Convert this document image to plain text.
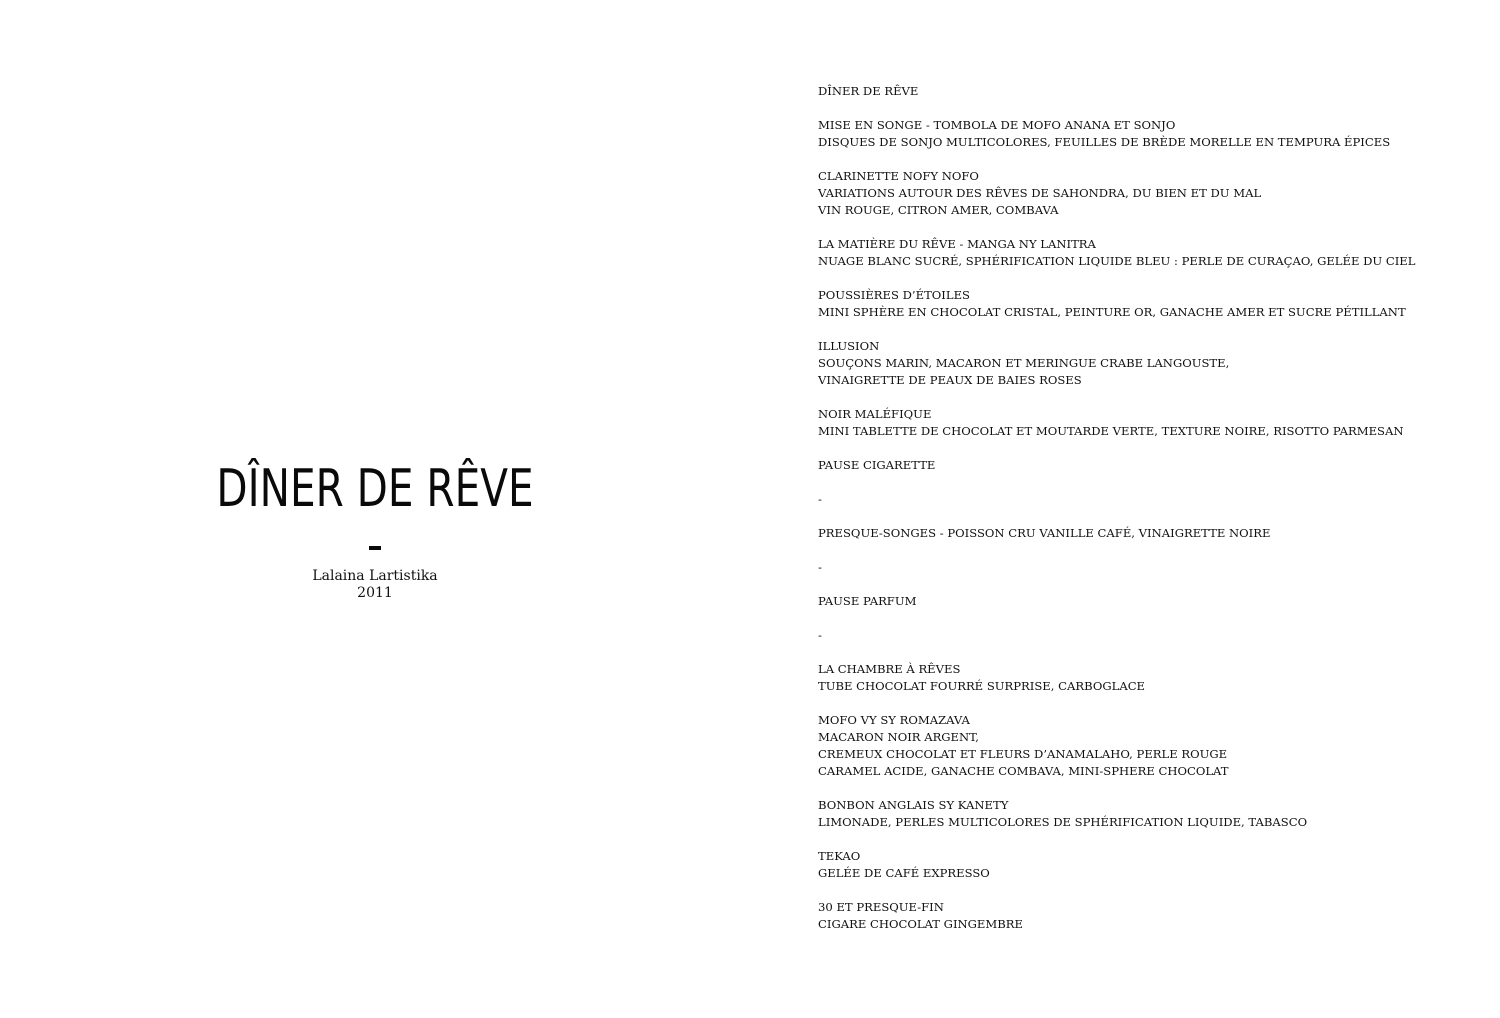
DÎNER DE RÊVE
Lalaina Lartistika
2011
DÎNER DE RÊVE
MISE EN SONGE - TOMBOLA DE MOFO ANANA ET SONJO
DISQUES DE SONJO MULTICOLORES, FEUILLES DE BRÈDE MORELLE EN TEMPURA ÉPICES
CLARINETTE NOFY NOFO
VARIATIONS AUTOUR DES RÊVES DE SAHONDRA, DU BIEN ET DU MAL
VIN ROUGE, CITRON AMER, COMBAVA
LA MATIÈRE DU RÊVE - MANGA NY LANITRA
NUAGE BLANC SUCRÉ, SPHÉRIFICATION LIQUIDE BLEU : PERLE DE CURAÇAO, GELÉE DU CIEL
POUSSIÈRES D’ÉTOILES
MINI SPHÈRE EN CHOCOLAT CRISTAL, PEINTURE OR, GANACHE AMER ET SUCRE PÉTILLANT
ILLUSION
SOUÇONS MARIN, MACARON ET MERINGUE CRABE LANGOUSTE,
VINAIGRETTE DE PEAUX DE BAIES ROSES
NOIR MALÉFIQUE
MINI TABLETTE DE CHOCOLAT ET MOUTARDE VERTE, TEXTURE NOIRE, RISOTTO PARMESAN
PAUSE CIGARETTE
-
PRESQUE-SONGES - POISSON CRU VANILLE CAFÉ, VINAIGRETTE NOIRE
-
PAUSE PARFUM
-
LA CHAMBRE À RÊVES
TUBE CHOCOLAT FOURRÉ SURPRISE, CARBOGLACE
MOFO VY SY ROMAZAVA
MACARON NOIR ARGENT,
CREMEUX CHOCOLAT ET FLEURS D’ANAMALAHO, PERLE ROUGE
CARAMEL ACIDE, GANACHE COMBAVA, MINI-SPHERE CHOCOLAT
BONBON ANGLAIS SY KANETY
LIMONADE, PERLES MULTICOLORES DE SPHÉRIFICATION LIQUIDE, TABASCO
TEKAO
GELÉE DE CAFÉ EXPRESSO
30 ET PRESQUE-FIN
CIGARE CHOCOLAT GINGEMBRE
